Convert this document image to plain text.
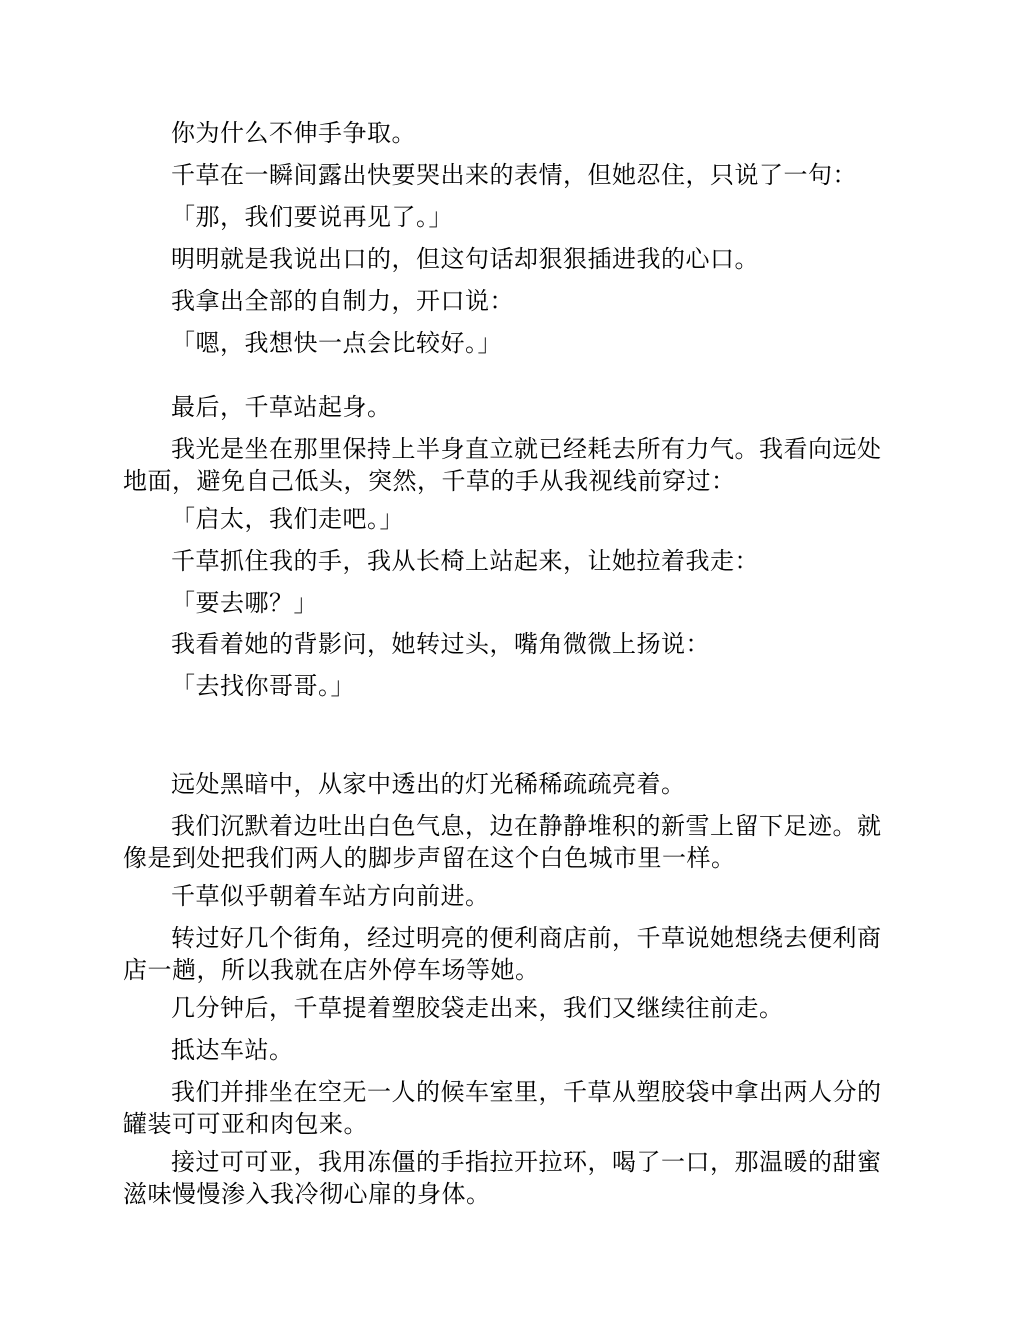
你为什么不伸手争取。

千草在一瞬间露出快要哭出来的表情，但她忍住，只说了一句：

「那，我们要说再见了。」

明明就是我说出口的，但这句话却狠狠插进我的心口。

我拿出全部的自制力，开口说：

「嗯，我想快一点会比较好。」

最后，千草站起身。

我光是坐在那里保持上半身直立就已经耗去所有力气。我看向远处地面，避免自己低头，突然，千草的手从我视线前穿过：

「启太，我们走吧。」

千草抓住我的手，我从长椅上站起来，让她拉着我走：

「要去哪？」

我看着她的背影问，她转过头，嘴角微微上扬说：

「去找你哥哥。」

远处黑暗中，从家中透出的灯光稀稀疏疏亮着。

我们沉默着边吐出白色气息，边在静静堆积的新雪上留下足迹。就像是到处把我们两人的脚步声留在这个白色城市里一样。

千草似乎朝着车站方向前进。

转过好几个街角，经过明亮的便利商店前，千草说她想绕去便利商店一趟，所以我就在店外停车场等她。

几分钟后，千草提着塑胶袋走出来，我们又继续往前走。

抵达车站。

我们并排坐在空无一人的候车室里，千草从塑胶袋中拿出两人分的罐装可可亚和肉包来。

接过可可亚，我用冻僵的手指拉开拉环，喝了一口，那温暖的甜蜜滋味慢慢渗入我冷彻心扉的身体。
